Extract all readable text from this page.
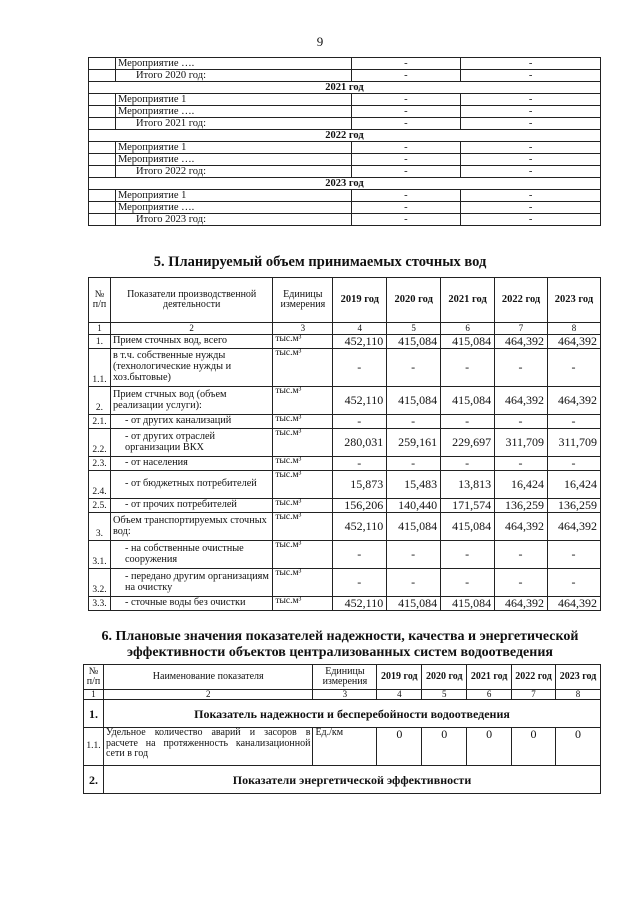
9
	Мероприятие ….	-	-
	Итого 2020 год:	-	-
2021 год			
	Мероприятие 1	-	-
	Мероприятие ….	-	-
	Итого 2021 год:	-	-
2022 год			
	Мероприятие 1	-	-
	Мероприятие ….	-	-
	Итого 2022 год:	-	-
2023 год			
	Мероприятие 1	-	-
	Мероприятие ….	-	-
	Итого 2023 год:	-	-
5. Планируемый объем принимаемых сточных вод
№ п/п	Показатели производственной деятельности	Единицы измерения	2019 год	2020 год	2021 год	2022 год	2023 год
1	2	3	4	5	6	7	8
1.	Прием сточных вод, всего	тыс.м³	452,110	415,084	415,084	464,392	464,392
1.1.	в т.ч. собственные нужды (технологические нужды и хоз.бытовые)	тыс.м³	-	-	-	-	-
2.	Прием стчных вод (объем реализации услуги):	тыс.м³	452,110	415,084	415,084	464,392	464,392
2.1.	- от других канализаций	тыс.м³	-	-	-	-	-
2.2.	- от других отраслей организации ВКХ	тыс.м³	280,031	259,161	229,697	311,709	311,709
2.3.	- от населения	тыс.м³	-	-	-	-	-
2.4.	- от бюджетных потребителей	тыс.м³	15,873	15,483	13,813	16,424	16,424
2.5.	- от прочих потребителей	тыс.м³	156,206	140,440	171,574	136,259	136,259
3.	Объем транспортируемых сточных вод:	тыс.м³	452,110	415,084	415,084	464,392	464,392
3.1.	- на собственные очистные сооружения	тыс.м³	-	-	-	-	-
3.2.	- передано другим организациям на очистку	тыс.м³	-	-	-	-	-
3.3.	- сточные воды без очистки	тыс.м³	452,110	415,084	415,084	464,392	464,392
6. Плановые значения показателей надежности, качества и энергетической
эффективности объектов централизованных систем водоотведения
№ п/п	Наименование показателя	Единицы измерения	2019 год	2020 год	2021 год	2022 год	2023 год
1	2	3	4	5	6	7	8
1.	Показатель надежности и бесперебойности водоотведения						
1.1.	Удельное количество аварий и засоров в расчете на протяженность канализационной сети в год	Ед./км	0	0	0	0	0
2.	Показатели энергетической эффективности						
